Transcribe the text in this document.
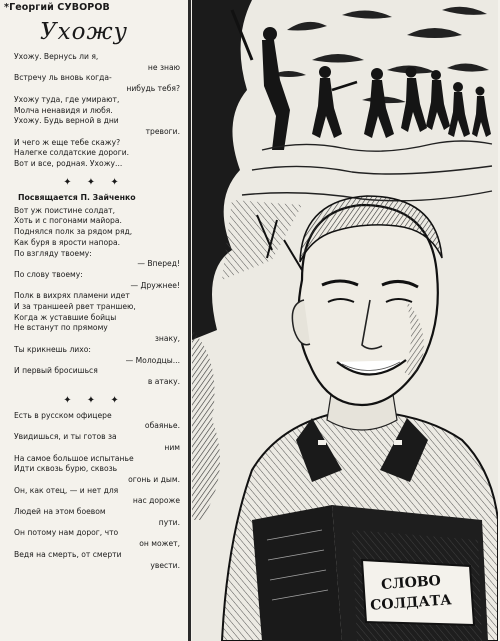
*Георгий СУВОРОВ
Ухожу
Ухожу. Вернусь ли я,
не знаю
Встречу ль вновь когда-
нибудь тебя?
Ухожу туда, где умирают,
Молча ненавидя и любя.
Ухожу. Будь верной в дни
тревоги.
И чего ж еще тебе скажу?
Налегке солдатские дороги.
Вот и все, родная. Ухожу...
✦ ✦ ✦
Посвящается П. Зайченко
Вот уж поистине солдат,
Хоть и с погонами майора.
Поднялся полк за рядом ряд,
Как буря в ярости напора.
По взгляду твоему:
— Вперед!
По слову твоему:
— Дружнее!
Полк в вихрях пламени идет
И за траншеей рвет траншею,
Когда ж уставшие бойцы
Не встанут по прямому
знаку,
Ты крикнешь лихо:
— Молодцы...
И первый бросишься
в атаку.
✦ ✦ ✦
Есть в русском офицере
обаянье.
Увидишься, и ты готов за
ним
На самое большое испытанье
Идти сквозь бурю, сквозь
огонь и дым.
Он, как отец, — и нет для
нас дороже
Людей на этом боевом
пути.
Он потому нам дорог, что
он может,
Ведя на смерть, от смерти
увести.
СЛОВО
СОЛДАТА
